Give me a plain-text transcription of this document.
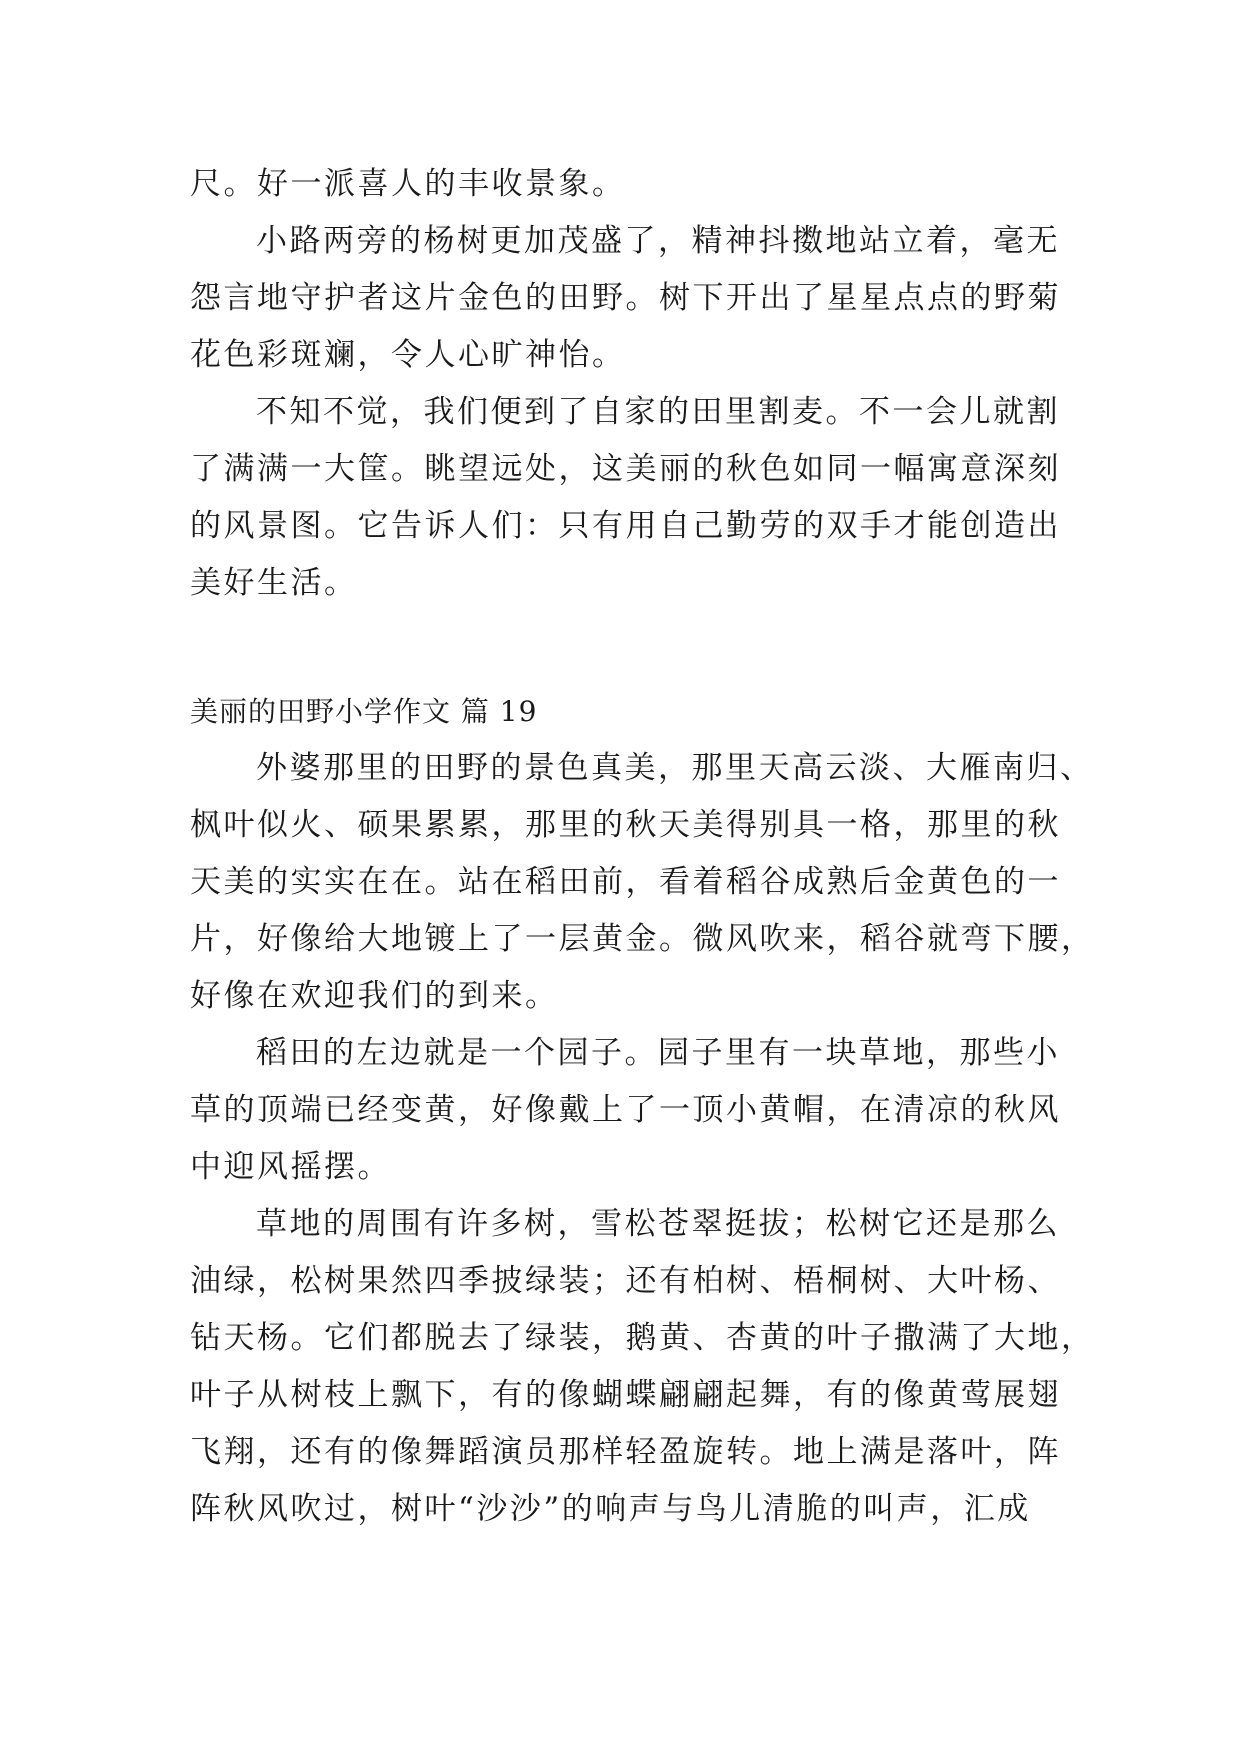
尺。好一派喜人的丰收景象。
小路两旁的杨树更加茂盛了，精神抖擞地站立着，毫无
怨言地守护者这片金色的田野。树下开出了星星点点的野菊
花色彩斑斓，令人心旷神怡。
不知不觉，我们便到了自家的田里割麦。不一会儿就割
了满满一大筐。眺望远处，这美丽的秋色如同一幅寓意深刻
的风景图。它告诉人们：只有用自己勤劳的双手才能创造出
美好生活。
美丽的田野小学作文 篇 19
外婆那里的田野的景色真美，那里天高云淡、大雁南归、
枫叶似火、硕果累累，那里的秋天美得别具一格，那里的秋
天美的实实在在。站在稻田前，看着稻谷成熟后金黄色的一
片，好像给大地镀上了一层黄金。微风吹来，稻谷就弯下腰，
好像在欢迎我们的到来。
稻田的左边就是一个园子。园子里有一块草地，那些小
草的顶端已经变黄，好像戴上了一顶小黄帽，在清凉的秋风
中迎风摇摆。
草地的周围有许多树，雪松苍翠挺拔；松树它还是那么
油绿，松树果然四季披绿装；还有柏树、梧桐树、大叶杨、
钻天杨。它们都脱去了绿装，鹅黄、杏黄的叶子撒满了大地，
叶子从树枝上飘下，有的像蝴蝶翩翩起舞，有的像黄莺展翅
飞翔，还有的像舞蹈演员那样轻盈旋转。地上满是落叶，阵
阵秋风吹过，树叶“沙沙”的响声与鸟儿清脆的叫声，汇成
